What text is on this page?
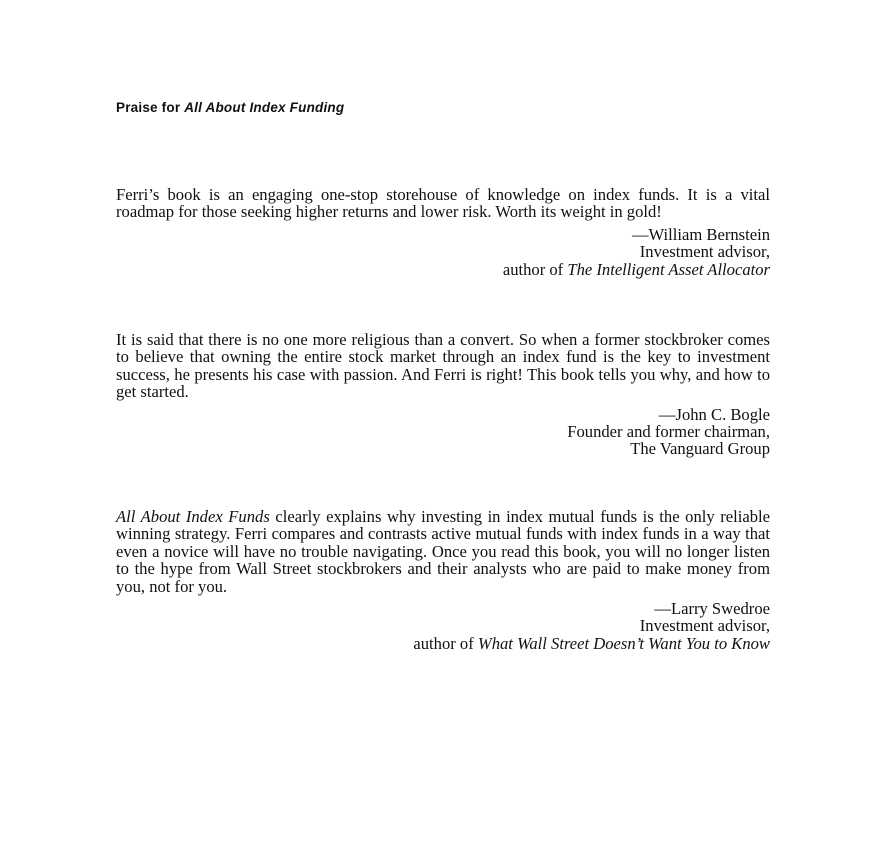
Praise for All About Index Funding

Ferri’s book is an engaging one-stop storehouse of knowledge on index funds. It is a vital roadmap for those seeking higher returns and lower risk. Worth its weight in gold!

—William Bernstein
Investment advisor,
author of The Intelligent Asset Allocator

It is said that there is no one more religious than a convert. So when a former stockbroker comes to believe that owning the entire stock market through an index fund is the key to investment success, he presents his case with passion. And Ferri is right! This book tells you why, and how to get started.

—John C. Bogle
Founder and former chairman,
The Vanguard Group

All About Index Funds clearly explains why investing in index mutual funds is the only reliable winning strategy. Ferri compares and contrasts active mutual funds with index funds in a way that even a novice will have no trouble navigating. Once you read this book, you will no longer listen to the hype from Wall Street stockbrokers and their analysts who are paid to make money from you, not for you.

—Larry Swedroe
Investment advisor,
author of What Wall Street Doesn’t Want You to Know
